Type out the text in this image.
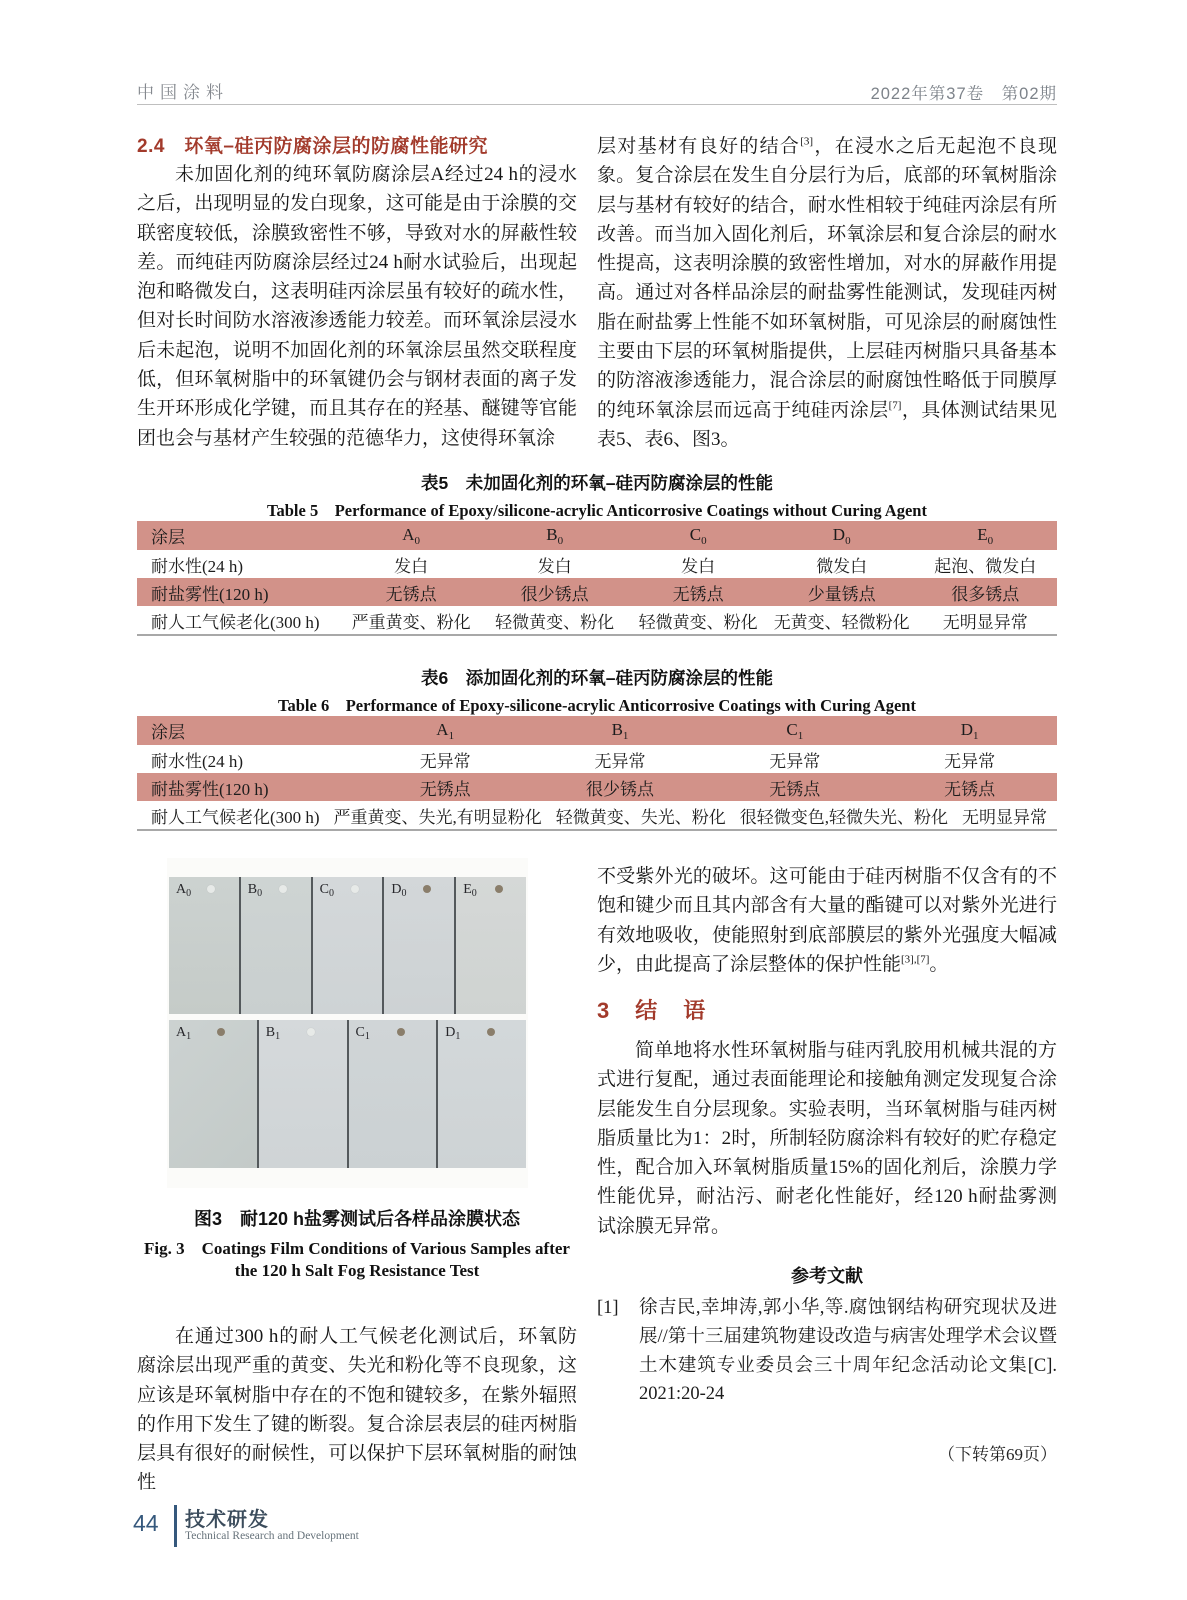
中国涂料	2022年第37卷　第02期
2.4　环氧–硅丙防腐涂层的防腐性能研究
未加固化剂的纯环氧防腐涂层A经过24 h的浸水之后，出现明显的发白现象，这可能是由于涂膜的交联密度较低，涂膜致密性不够，导致对水的屏蔽性较差。而纯硅丙防腐涂层经过24 h耐水试验后，出现起泡和略微发白，这表明硅丙涂层虽有较好的疏水性，但对长时间防水溶液渗透能力较差。而环氧涂层浸水后未起泡，说明不加固化剂的环氧涂层虽然交联程度低，但环氧树脂中的环氧键仍会与钢材表面的离子发生开环形成化学键，而且其存在的羟基、醚键等官能团也会与基材产生较强的范德华力，这使得环氧涂
层对基材有良好的结合[3]，在浸水之后无起泡不良现象。复合涂层在发生自分层行为后，底部的环氧树脂涂层与基材有较好的结合，耐水性相较于纯硅丙涂层有所改善。而当加入固化剂后，环氧涂层和复合涂层的耐水性提高，这表明涂膜的致密性增加，对水的屏蔽作用提高。通过对各样品涂层的耐盐雾性能测试，发现硅丙树脂在耐盐雾上性能不如环氧树脂，可见涂层的耐腐蚀性主要由下层的环氧树脂提供，上层硅丙树脂只具备基本的防溶液渗透能力，混合涂层的耐腐蚀性略低于同膜厚的纯环氧涂层而远高于纯硅丙涂层[7]，具体测试结果见表5、表6、图3。
表5　未加固化剂的环氧–硅丙防腐涂层的性能
Table 5　Performance of Epoxy/silicone-acrylic Anticorrosive Coatings without Curing Agent
涂层	$A_0$	$B_0$	$C_0$	$D_0$	$E_0$
耐水性(24 h)	发白	发白	发白	微发白	起泡、微发白
耐盐雾性(120 h)	无锈点	很少锈点	无锈点	少量锈点	很多锈点
耐人工气候老化(300 h)	严重黄变、粉化	轻微黄变、粉化	轻微黄变、粉化 无黄变、轻微粉化	无明显异常
表6　添加固化剂的环氧–硅丙防腐涂层的性能
Table 6　Performance of Epoxy-silicone-acrylic Anticorrosive Coatings with Curing Agent
涂层	$A_1$	$B_1$	$C_1$	$D_1$
耐水性(24 h)	无异常	无异常	无异常	无异常
耐盐雾性(120 h)	无锈点	很少锈点	无锈点	无锈点
耐人工气候老化(300 h) 严重黄变、失光,有明显粉化 轻微黄变、失光、粉化 很轻微变色,轻微失光、粉化 无明显异常
$A_0$	$B_0$	$C_0$	$D_0$	$E_0$
$A_1$	$B_1$	$C_1$	$D_1$
图3　耐120 h盐雾测试后各样品涂膜状态
Fig. 3　Coatings Film Conditions of Various Samples after
the 120 h Salt Fog Resistance Test
在通过300 h的耐人工气候老化测试后，环氧防腐涂层出现严重的黄变、失光和粉化等不良现象，这应该是环氧树脂中存在的不饱和键较多，在紫外辐照的作用下发生了键的断裂。复合涂层表层的硅丙树脂层具有很好的耐候性，可以保护下层环氧树脂的耐蚀性
不受紫外光的破坏。这可能由于硅丙树脂不仅含有的不饱和键少而且其内部含有大量的酯键可以对紫外光进行有效地吸收，使能照射到底部膜层的紫外光强度大幅减少，由此提高了涂层整体的保护性能[3],[7]。
3　结　语
简单地将水性环氧树脂与硅丙乳胶用机械共混的方式进行复配，通过表面能理论和接触角测定发现复合涂层能发生自分层现象。实验表明，当环氧树脂与硅丙树脂质量比为1：2时，所制轻防腐涂料有较好的贮存稳定性，配合加入环氧树脂质量15%的固化剂后，涂膜力学性能优异，耐沾污、耐老化性能好，经120 h耐盐雾测试涂膜无异常。
参考文献
[1]	徐吉民,幸坤涛,郭小华,等.腐蚀钢结构研究现状及进展//第十三届建筑物建设改造与病害处理学术会议暨土木建筑专业委员会三十周年纪念活动论文集[C]. 2021:20-24
（下转第69页）
44 技术研发
Technical Research and Development
